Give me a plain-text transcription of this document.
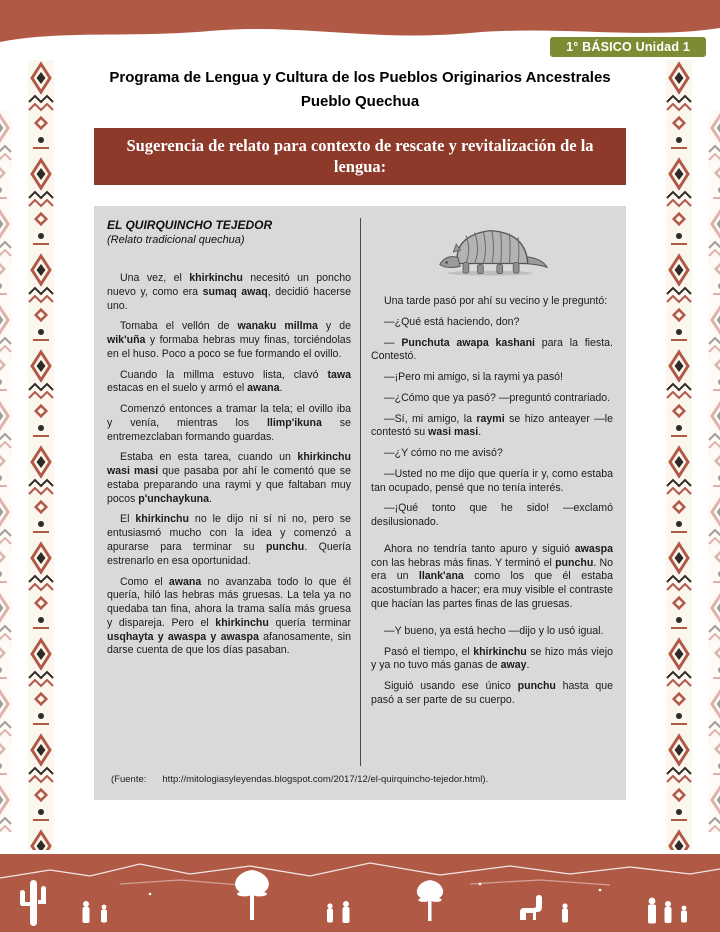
1° BÁSICO Unidad 1
Programa de Lengua y Cultura de los Pueblos Originarios Ancestrales
Pueblo Quechua
Sugerencia de relato para contexto de rescate y revitalización de la lengua:
EL QUIRQUINCHO TEJEDOR
(Relato tradicional quechua)

Una vez, el khirkinchu necesitó un poncho nuevo y, como era sumaq awaq, decidió hacerse uno.

Tomaba el vellón de wanaku millma y de wik'uña y formaba hebras muy finas, torciéndolas en el huso. Poco a poco se fue formando el ovillo.

Cuando la millma estuvo lista, clavó tawa estacas en el suelo y armó el awana.

Comenzó entonces a tramar la tela; el ovillo iba y venía, mientras los llimp'ikuna se entremezclaban formando guardas.

Estaba en esta tarea, cuando un khirkinchu wasi masi que pasaba por ahí le comentó que se estaba preparando una raymi y que faltaban muy pocos p'unchaykuna.

El khirkinchu no le dijo ni sí ni no, pero se entusiasmó mucho con la idea y comenzó a apurarse para terminar su punchu. Quería estrenarlo en esa oportunidad.

Como el awana no avanzaba todo lo que él quería, hiló las hebras más gruesas. La tela ya no quedaba tan fina, ahora la trama salía más gruesa y dispareja. Pero el khirkinchu quería terminar usqhayta y awaspa y awaspa afanosamente, sin darse cuenta de que los días pasaban.

Una tarde pasó por ahí su vecino y le preguntó:

—¿Qué está haciendo, don?

— Punchuta awapa kashani para la fiesta. Contestó.

—¡Pero mi amigo, si la raymi ya pasó!

—¿Cómo que ya pasó? —preguntó contrariado.

—Sí, mi amigo, la raymi se hizo anteayer —le contestó su wasi masi.

—¿Y cómo no me avisó?

—Usted no me dijo que quería ir y, como estaba tan ocupado, pensé que no tenía interés.

—¡Qué tonto que he sido! —exclamó desilusionado.

Ahora no tendría tanto apuro y siguió awaspa con las hebras más finas. Y terminó el punchu. No era un llank'ana como los que él estaba acostumbrado a hacer; era muy visible el contraste que hacían las partes finas de las gruesas.

—Y bueno, ya está hecho —dijo y lo usó igual.

Pasó el tiempo, el khirkinchu se hizo más viejo y ya no tuvo más ganas de away.

Siguió usando ese único punchu hasta que pasó a ser parte de su cuerpo.

(Fuente: http://mitologiasyleyendas.blogspot.com/2017/12/el-quirquincho-tejedor.html).
